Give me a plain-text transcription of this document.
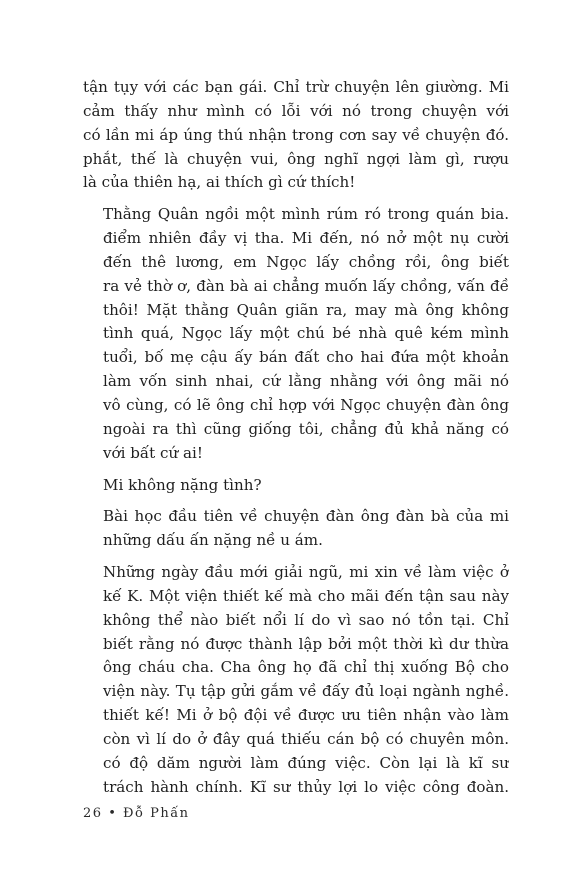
tận tụy với các bạn gái. Chỉ trừ chuyện lên giường. Mi
cảm thấy như mình có lỗi với nó trong chuyện với
có lần mi áp úng thú nhận trong cơn say về chuyện đó.
phắt, thế là chuyện vui, ông nghĩ ngợi làm gì, rượu
là của thiên hạ, ai thích gì cứ thích!
Thằng Quân ngồi một mình rúm ró trong quán bia.
điểm nhiên đầy vị tha. Mi đến, nó nở một nụ cười
đến thê lương, em Ngọc lấy chồng rồi, ông biết
ra vẻ thờ ơ, đàn bà ai chẳng muốn lấy chồng, vấn đề
thôi! Mặt thằng Quân giãn ra, may mà ông không
tình quá, Ngọc lấy một chú bé nhà quê kém mình
tuổi, bố mẹ cậu ấy bán đất cho hai đứa một khoản
làm vốn sinh nhai, cứ lằng nhằng với ông mãi nó
vô cùng, có lẽ ông chỉ hợp với Ngọc chuyện đàn ông
ngoài ra thì cũng giống tôi, chẳng đủ khả năng có
với bất cứ ai!
Mi không nặng tình?
Bài học đầu tiên về chuyện đàn ông đàn bà của mi
những dấu ấn nặng nề u ám.
Những ngày đầu mới giải ngũ, mi xin về làm việc ở
kế K. Một viện thiết kế mà cho mãi đến tận sau này
không thể nào biết nổi lí do vì sao nó tồn tại. Chỉ
biết rằng nó được thành lập bởi một thời kì dư thừa
ông cháu cha. Cha ông họ đã chỉ thị xuống Bộ cho
viện này. Tụ tập gửi gắm về đấy đủ loại ngành nghề.
thiết kế! Mi ở bộ đội về được ưu tiên nhận vào làm
còn vì lí do ở đây quá thiếu cán bộ có chuyên môn.
có độ dăm người làm đúng việc. Còn lại là kĩ sư
trách hành chính. Kĩ sư thủy lợi lo việc công đoàn.
26 • Đỗ Phấn
